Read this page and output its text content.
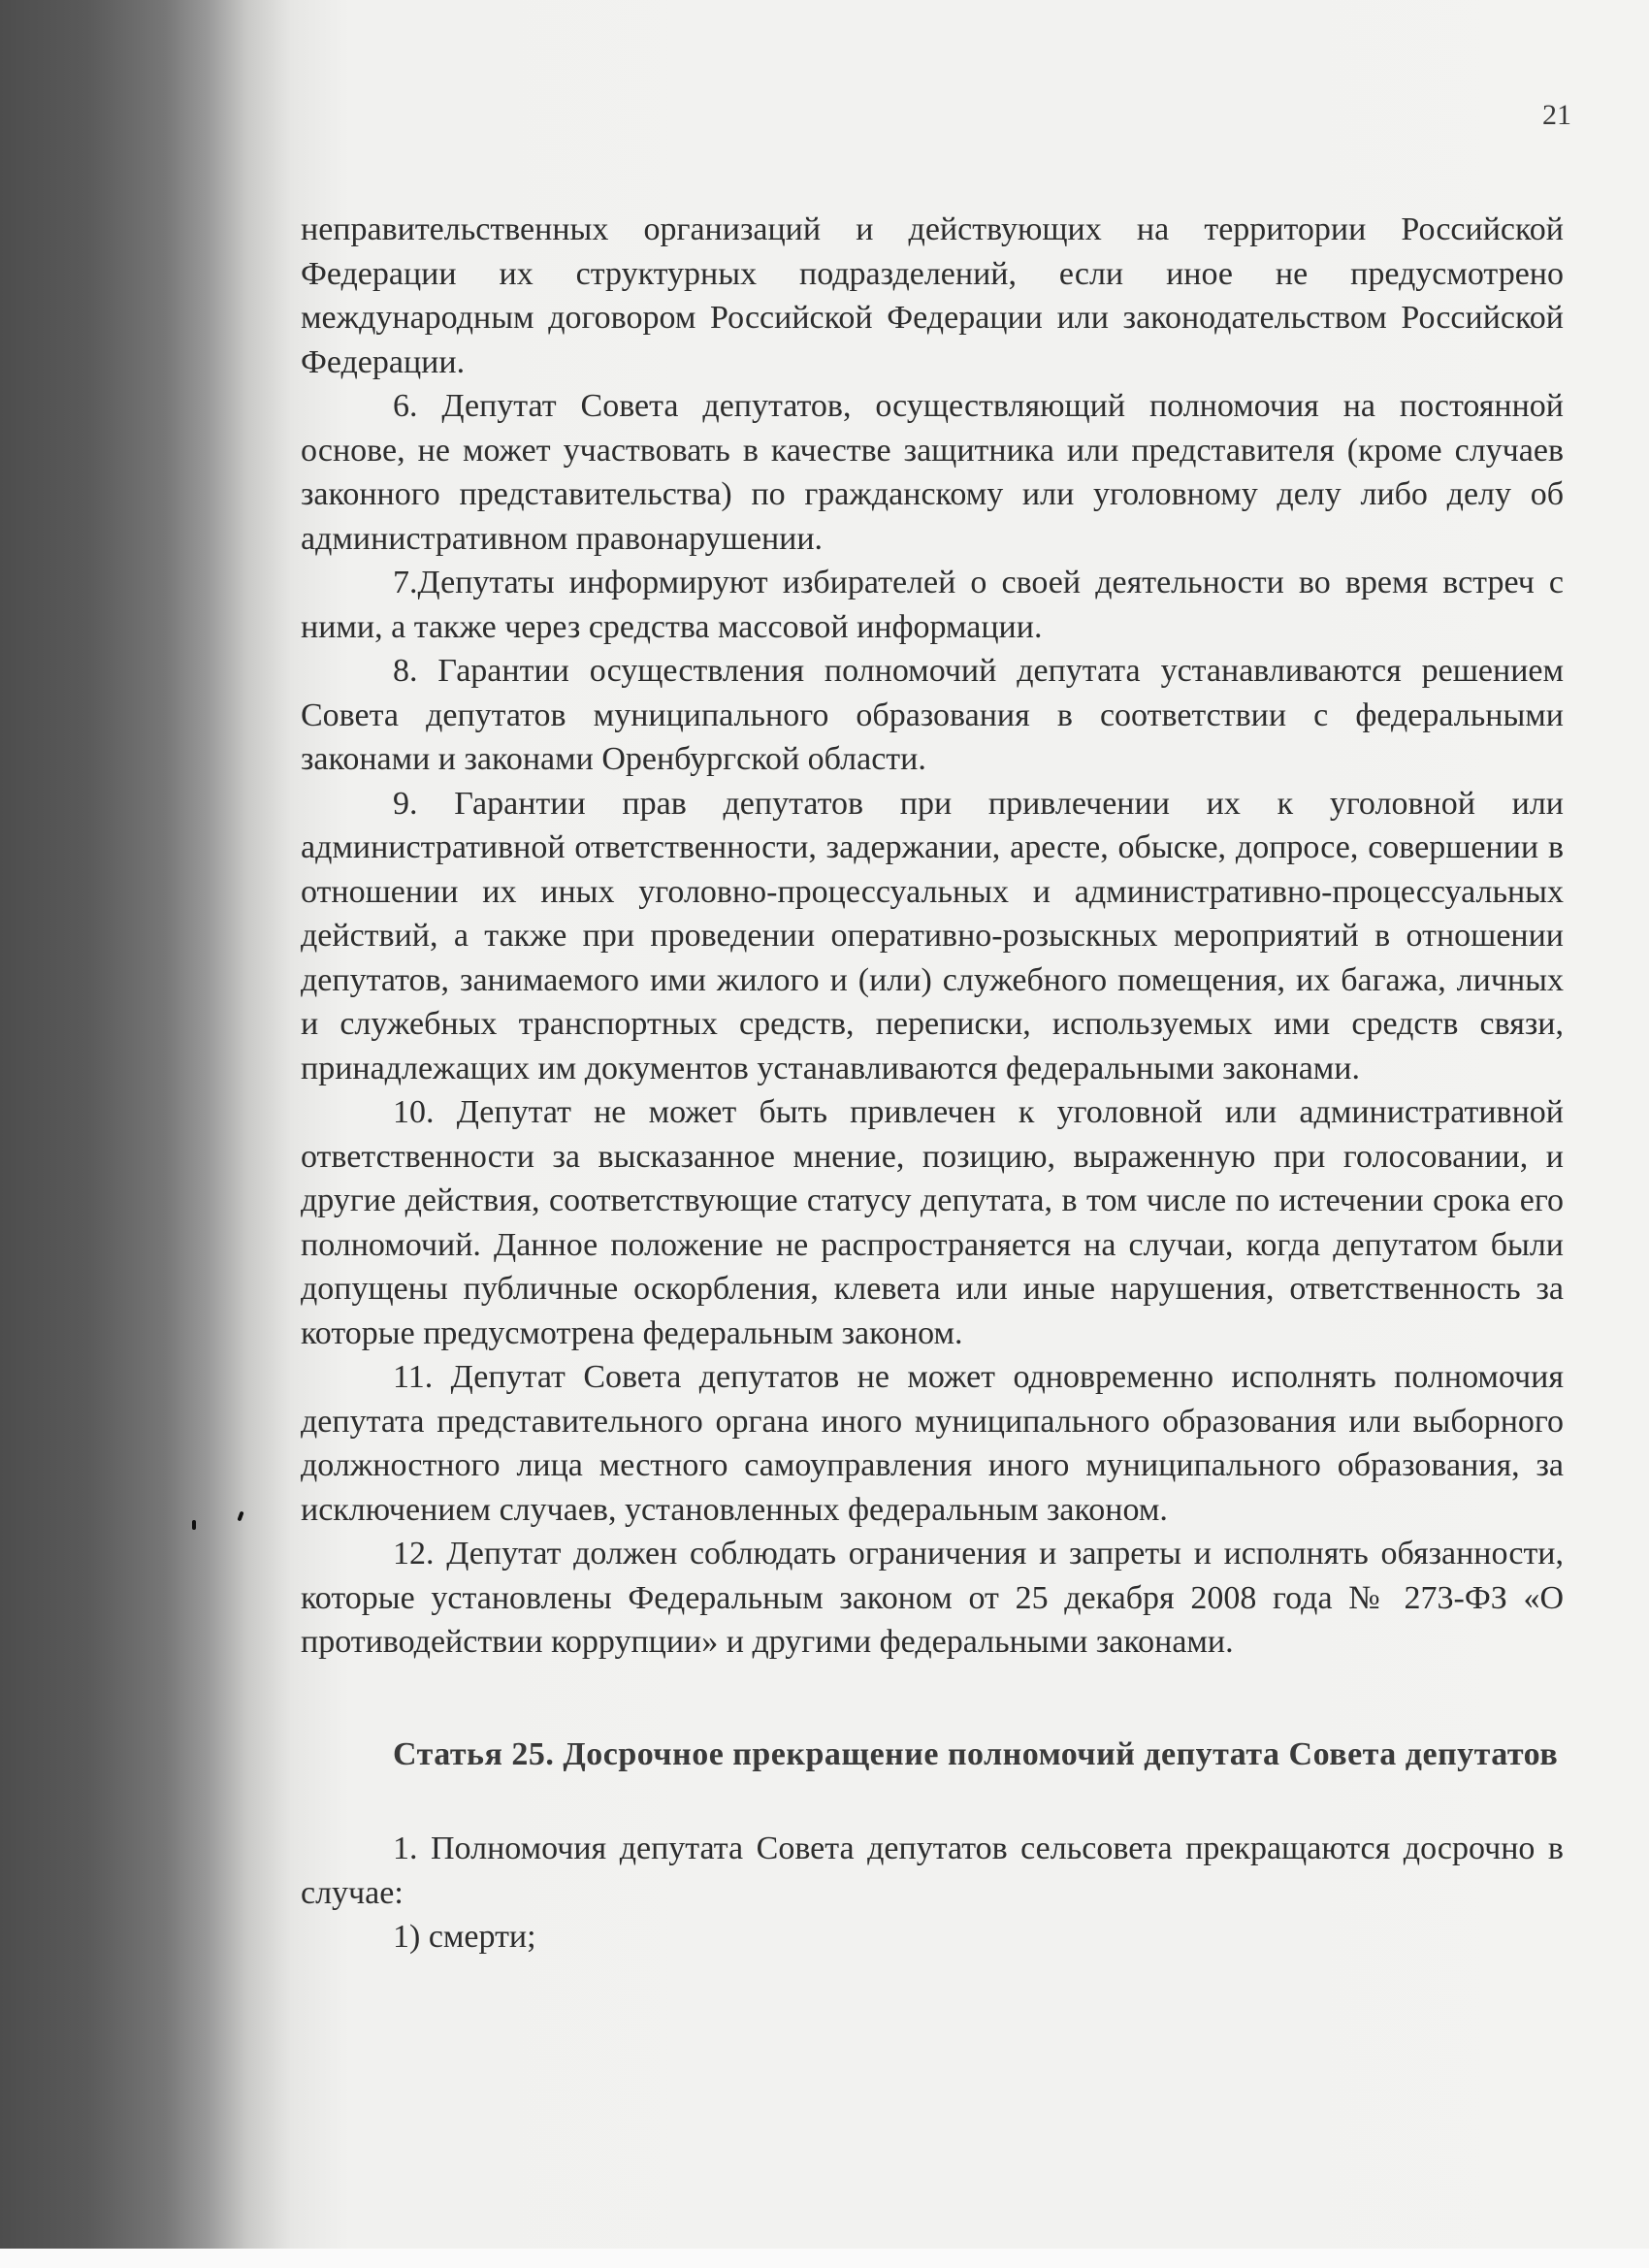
21

неправительственных организаций и действующих на территории Российской Федерации их структурных подразделений, если иное не предусмотрено международным договором Российской Федерации или законодательством Российской Федерации.

6. Депутат Совета депутатов, осуществляющий полномочия на постоянной основе, не может участвовать в качестве защитника или представителя (кроме случаев законного представительства) по гражданскому или уголовному делу либо делу об административном правонарушении.

7.Депутаты информируют избирателей о своей деятельности во время встреч с ними, а также через средства массовой информации.

8. Гарантии осуществления полномочий депутата устанавливаются решением Совета депутатов муниципального образования в соответствии с федеральными законами и законами Оренбургской области.

9. Гарантии прав депутатов при привлечении их к уголовной или административной ответственности, задержании, аресте, обыске, допросе, совершении в отношении их иных уголовно-процессуальных и административно-процессуальных действий, а также при проведении оперативно-розыскных мероприятий в отношении депутатов, занимаемого ими жилого и (или) служебного помещения, их багажа, личных и служебных транспортных средств, переписки, используемых ими средств связи, принадлежащих им документов устанавливаются федеральными законами.

10. Депутат не может быть привлечен к уголовной или административной ответственности за высказанное мнение, позицию, выраженную при голосовании, и другие действия, соответствующие статусу депутата, в том числе по истечении срока его полномочий. Данное положение не распространяется на случаи, когда депутатом были допущены публичные оскорбления, клевета или иные нарушения, ответственность за которые предусмотрена федеральным законом.

11. Депутат Совета депутатов не может одновременно исполнять полномочия депутата представительного органа иного муниципального образования или выборного должностного лица местного самоуправления иного муниципального образования, за исключением случаев, установленных федеральным законом.

12. Депутат должен соблюдать ограничения и запреты и исполнять обязанности, которые установлены Федеральным законом от 25 декабря 2008 года № 273-ФЗ «О противодействии коррупции» и другими федеральными законами.

Статья 25. Досрочное прекращение полномочий депутата Совета депутатов

1. Полномочия депутата Совета депутатов сельсовета прекращаются досрочно в случае:

1) смерти;
